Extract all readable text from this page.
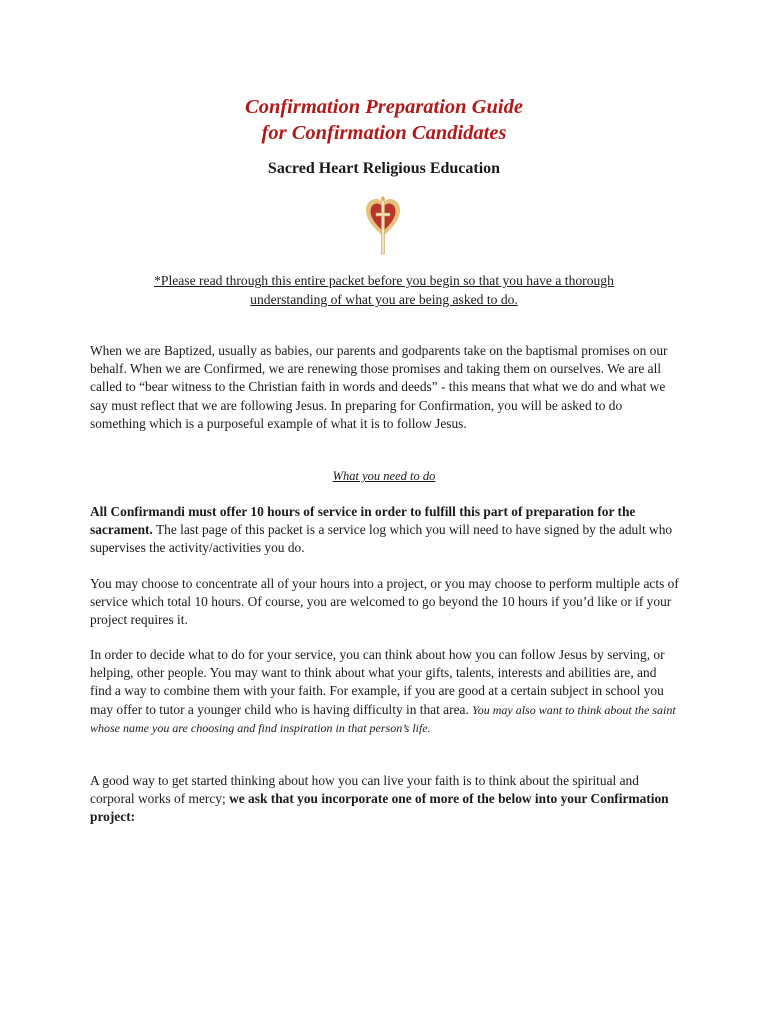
Confirmation Preparation Guide
for Confirmation Candidates
Sacred Heart Religious Education

*Please read through this entire packet before you begin so that you have a thorough
understanding of what you are being asked to do.

When we are Baptized, usually as babies, our parents and godparents take on the baptismal promises on our behalf. When we are Confirmed, we are renewing those promises and taking them on ourselves. We are all called to “bear witness to the Christian faith in words and deeds” - this means that what we do and what we say must reflect that we are following Jesus. In preparing for Confirmation, you will be asked to do something which is a purposeful example of what it is to follow Jesus.

What you need to do

All Confirmandi must offer 10 hours of service in order to fulfill this part of preparation for the sacrament. The last page of this packet is a service log which you will need to have signed by the adult who supervises the activity/activities you do.

You may choose to concentrate all of your hours into a project, or you may choose to perform multiple acts of service which total 10 hours. Of course, you are welcomed to go beyond the 10 hours if you’d like or if your project requires it.

In order to decide what to do for your service, you can think about how you can follow Jesus by serving, or helping, other people. You may want to think about what your gifts, talents, interests and abilities are, and find a way to combine them with your faith. For example, if you are good at a certain subject in school you may offer to tutor a younger child who is having difficulty in that area. You may also want to think about the saint whose name you are choosing and find inspiration in that person’s life.

A good way to get started thinking about how you can live your faith is to think about the spiritual and corporal works of mercy; we ask that you incorporate one of more of the below into your Confirmation project:
